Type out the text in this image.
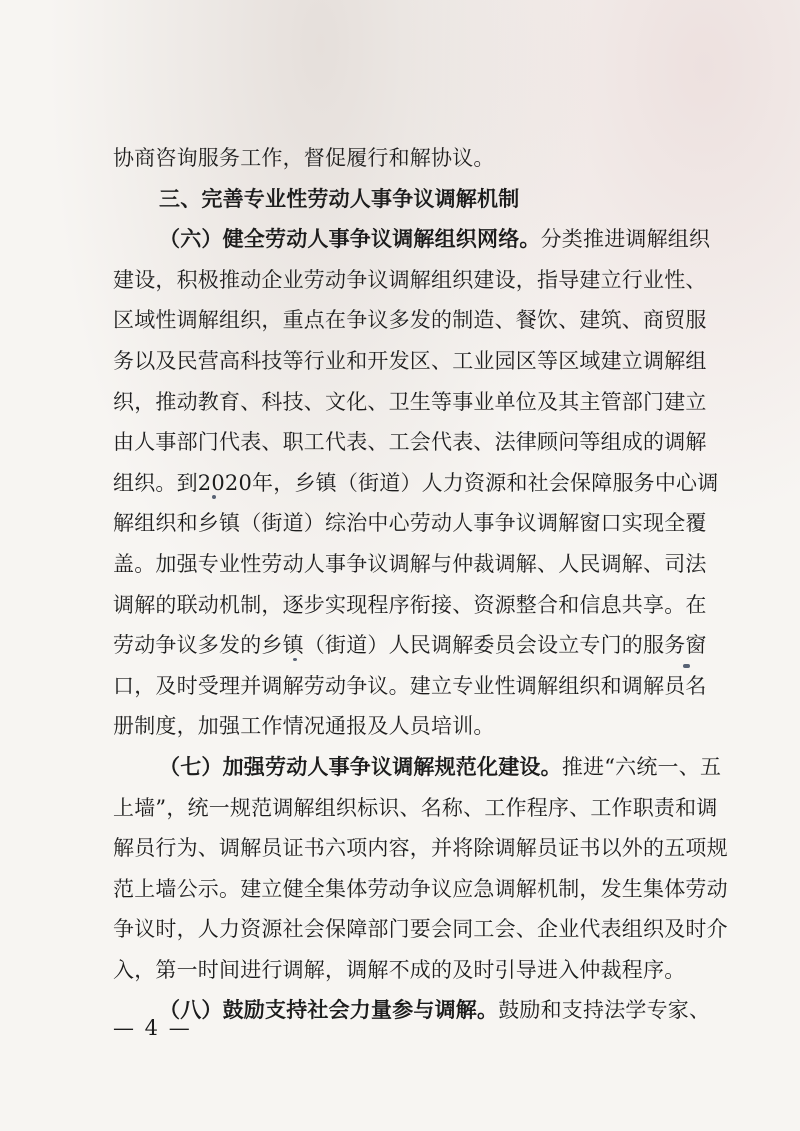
协商咨询服务工作，督促履行和解协议。
三、完善专业性劳动人事争议调解机制
（六）健全劳动人事争议调解组织网络。分类推进调解组织
建设，积极推动企业劳动争议调解组织建设，指导建立行业性、
区域性调解组织，重点在争议多发的制造、餐饮、建筑、商贸服
务以及民营高科技等行业和开发区、工业园区等区域建立调解组
织，推动教育、科技、文化、卫生等事业单位及其主管部门建立
由人事部门代表、职工代表、工会代表、法律顾问等组成的调解
组织。到2020年，乡镇（街道）人力资源和社会保障服务中心调
解组织和乡镇（街道）综治中心劳动人事争议调解窗口实现全覆
盖。加强专业性劳动人事争议调解与仲裁调解、人民调解、司法
调解的联动机制，逐步实现程序衔接、资源整合和信息共享。在
劳动争议多发的乡镇（街道）人民调解委员会设立专门的服务窗
口，及时受理并调解劳动争议。建立专业性调解组织和调解员名
册制度，加强工作情况通报及人员培训。
（七）加强劳动人事争议调解规范化建设。推进“六统一、五
上墙”，统一规范调解组织标识、名称、工作程序、工作职责和调
解员行为、调解员证书六项内容，并将除调解员证书以外的五项规
范上墙公示。建立健全集体劳动争议应急调解机制，发生集体劳动
争议时，人力资源社会保障部门要会同工会、企业代表组织及时介
入，第一时间进行调解，调解不成的及时引导进入仲裁程序。
（八）鼓励支持社会力量参与调解。鼓励和支持法学专家、
— 4 —
